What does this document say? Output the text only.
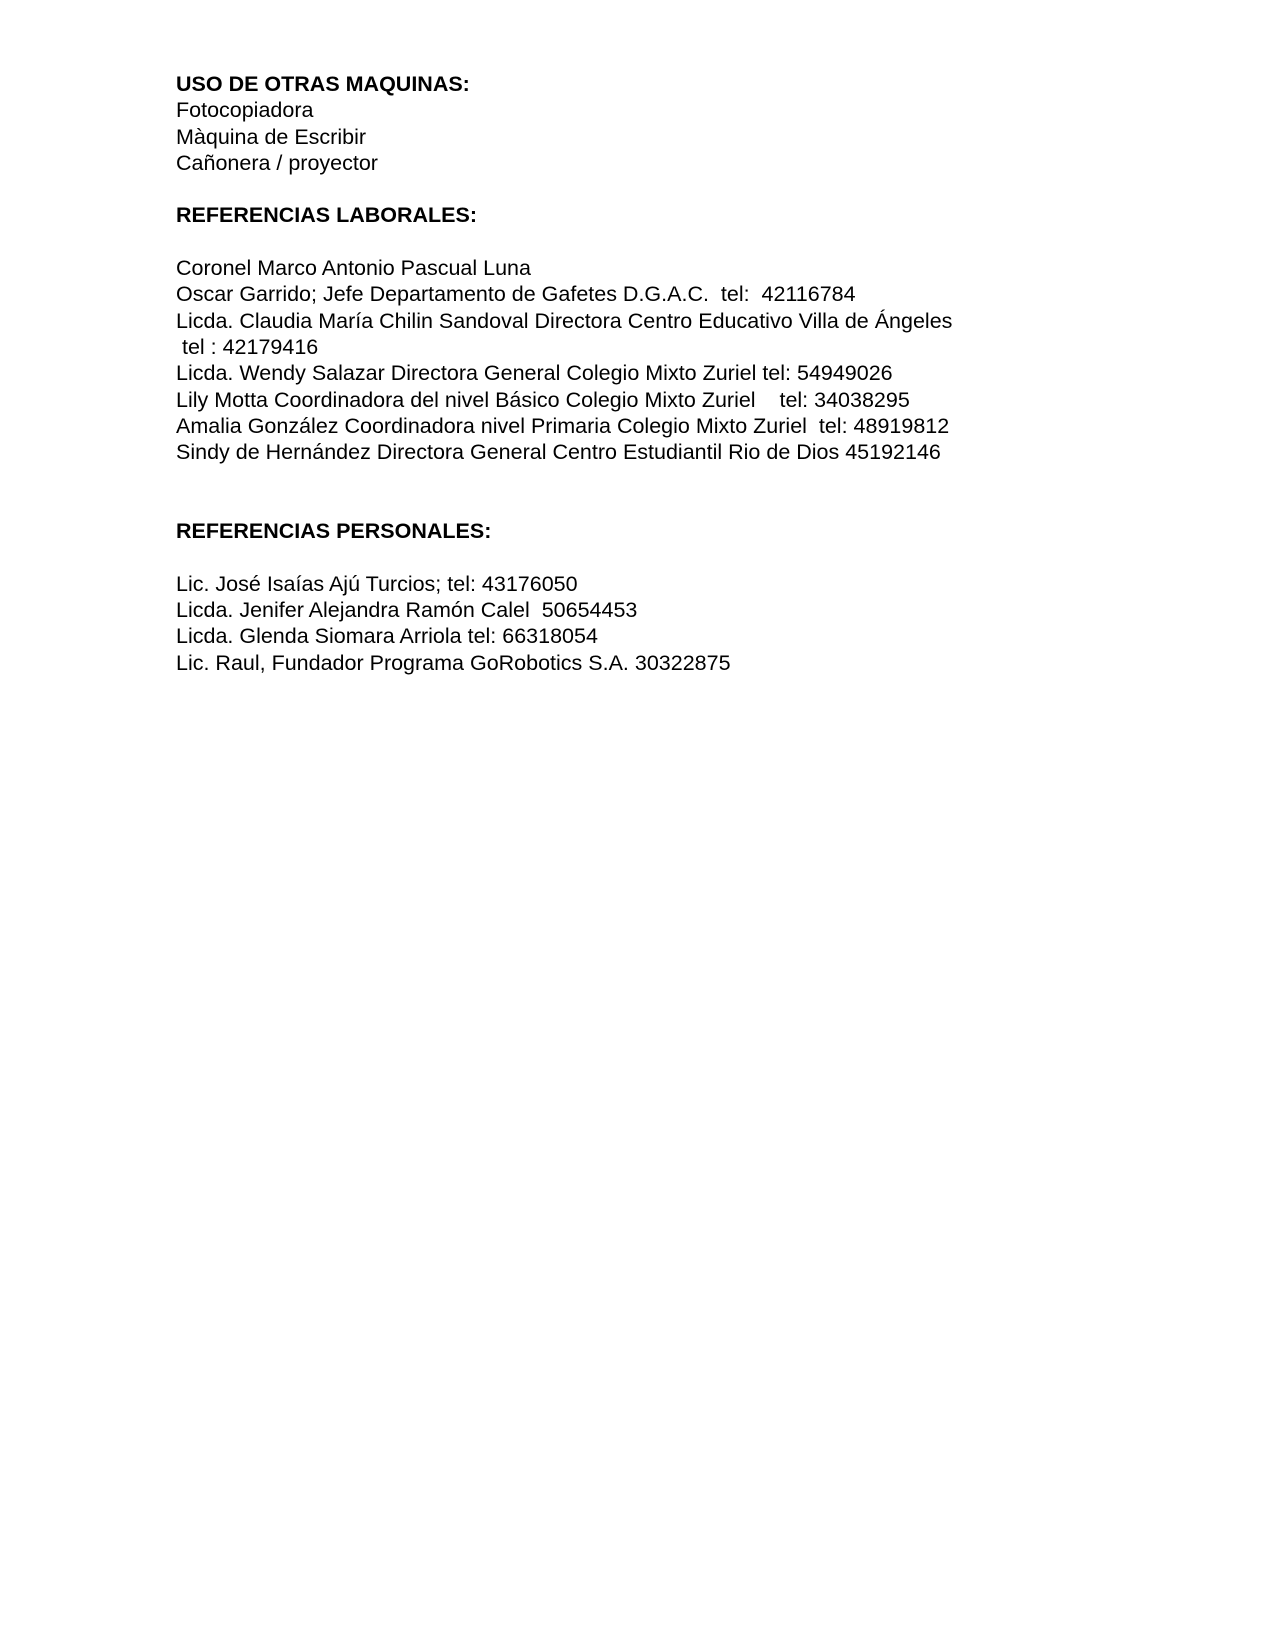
USO DE OTRAS MAQUINAS:

Fotocopiadora

Màquina de Escribir

Cañonera / proyector

REFERENCIAS LABORALES:

Coronel Marco Antonio Pascual Luna

Oscar Garrido; Jefe Departamento de Gafetes D.G.A.C.  tel:  42116784

Licda. Claudia María Chilin Sandoval Directora Centro Educativo Villa de Ángeles

tel : 42179416

Licda. Wendy Salazar Directora General Colegio Mixto Zuriel tel: 54949026

Lily Motta Coordinadora del nivel Básico Colegio Mixto Zuriel    tel: 34038295

Amalia González Coordinadora nivel Primaria Colegio Mixto Zuriel  tel: 48919812

Sindy de Hernández Directora General Centro Estudiantil Rio de Dios 45192146

REFERENCIAS PERSONALES:

Lic. José Isaías Ajú Turcios; tel: 43176050

Licda. Jenifer Alejandra Ramón Calel  50654453

Licda. Glenda Siomara Arriola tel: 66318054

Lic. Raul, Fundador Programa GoRobotics S.A. 30322875
